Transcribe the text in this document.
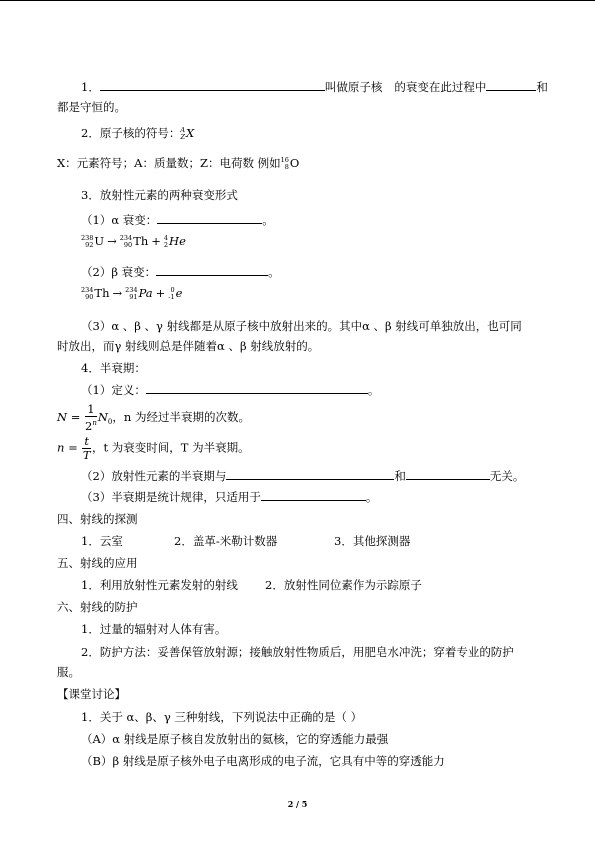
1．	叫做原子核 的衰变在此过程中	和
都是守恒的。
2．原子核的符号： A
Z X
X：元素符号；A：质量数；Z：电荷数 例如 16
8 O
3．放射性元素的两种衰变形式
（1）α 衰变：	。
238
92 U → 234
90 Th + 4
2 He
（2）β 衰变：	。
234
90 Th → 234
91 Pa + 0
-1 e
（3）α 、β 、γ 射线都是从原子核中放射出来的。其中α 、β 射线可单独放出，也可同
时放出，而γ 射线则总是伴随着α 、β 射线放射的。
4．半衰期：
（1）定义：	。
$N = \frac{1}{2^n} N_0$，n 为经过半衰期的次数。
$n = \frac{t}{T}$ ，t 为衰变时间，T 为半衰期。
（2）放射性元素的半衰期与	和	无关。
（3）半衰期是统计规律，只适用于	。
四、射线的探测
1．云室	2．盖革-米勒计数器	3．其他探测器
五、射线的应用
1．利用放射性元素发射的射线 2．放射性同位素作为示踪原子
六、射线的防护
1．过量的辐射对人体有害。
2．防护方法：妥善保管放射源；接触放射性物质后，用肥皂水冲洗；穿着专业的防护
服。
【课堂讨论】
1．关于 α、β、γ 三种射线，下列说法中正确的是（ ）
（A）α 射线是原子核自发放射出的氦核，它的穿透能力最强
（B）β 射线是原子核外电子电离形成的电子流，它具有中等的穿透能力
2 / 5
